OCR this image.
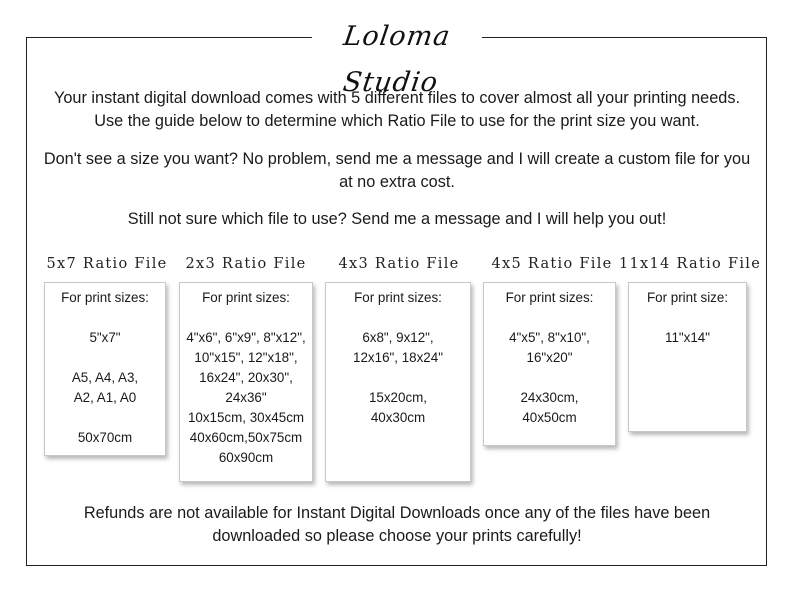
Loloma Studio
Your instant digital download comes with 5 different files to cover almost all your printing needs. Use the guide below to determine which Ratio File to use for the print size you want.
Don't see a size you want? No problem, send me a message and I will create a custom file for you at no extra cost.
Still not sure which file to use? Send me a message and I will help you out!
5x7 Ratio File
For print sizes:
5"x7"
A5, A4, A3,
A2, A1, A0
50x70cm
2x3 Ratio File
For print sizes:
4"x6", 6"x9", 8"x12",
10"x15", 12"x18",
16x24", 20x30",
24x36"
10x15cm, 30x45cm
40x60cm,50x75cm
60x90cm
4x3 Ratio File
For print sizes:
6x8", 9x12",
12x16", 18x24"
15x20cm,
40x30cm
4x5 Ratio File
For print sizes:
4"x5", 8"x10",
16"x20"
24x30cm,
40x50cm
11x14 Ratio File
For print size:
11"x14"
Refunds are not available for Instant Digital Downloads once any of the files have been downloaded so please choose your prints carefully!
